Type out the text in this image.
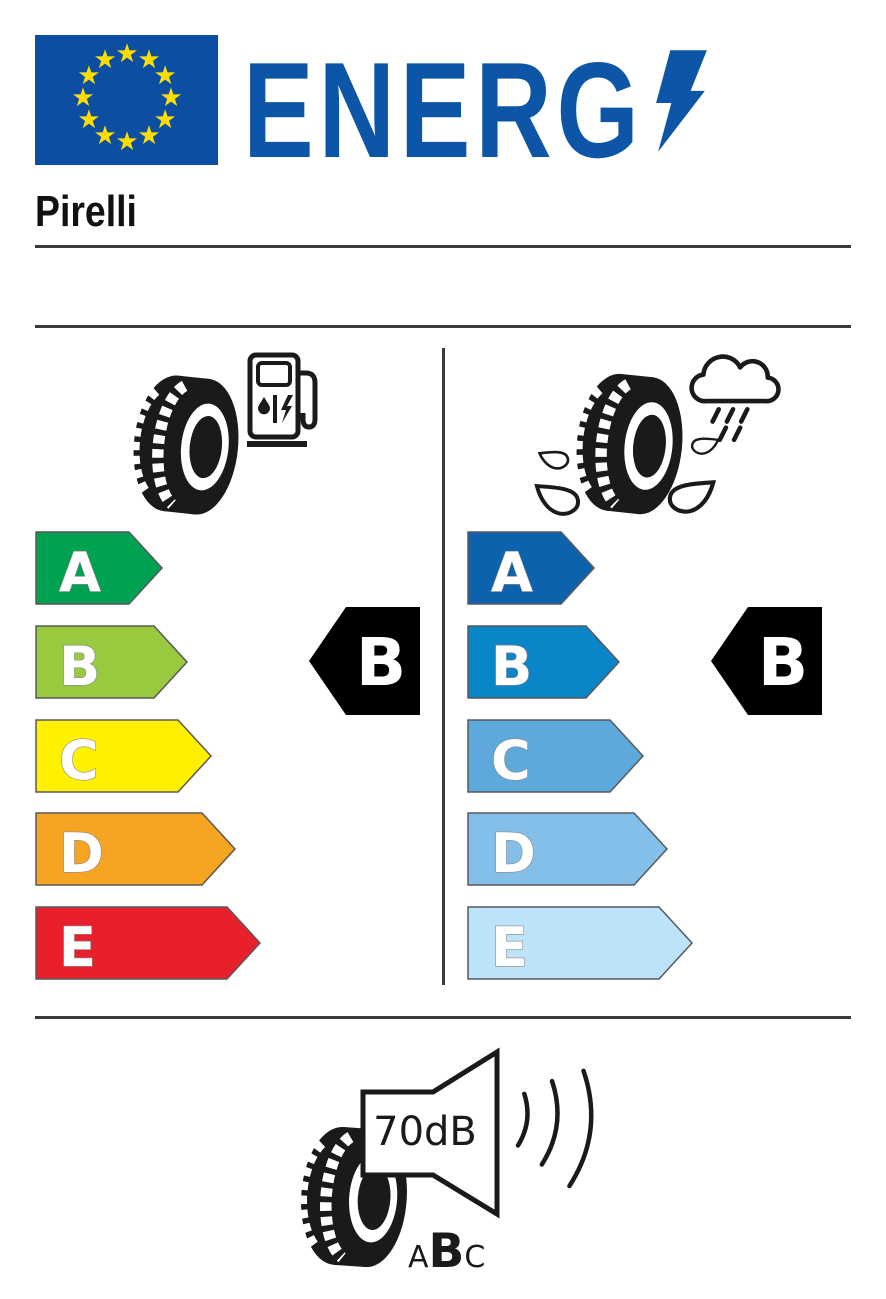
★
★
★
★
★
★
★
★
★
★
★
★ ENERG
Pirelli
A
B
C
D
E
B
A
B
C
D
E
B
70dB
A B C
